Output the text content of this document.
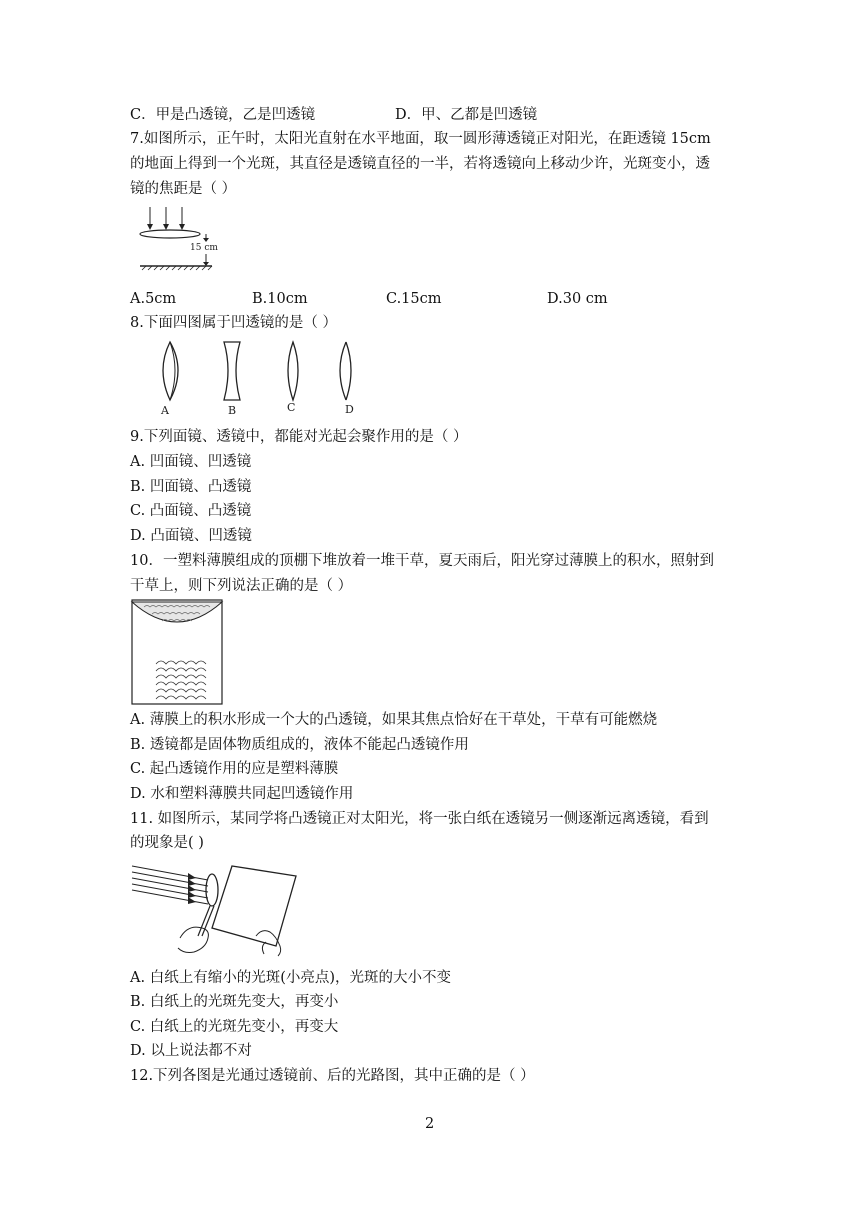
C．甲是凸透镜，乙是凹透镜	D．甲、乙都是凹透镜
7.如图所示，正午时，太阳光直射在水平地面，取一圆形薄透镜正对阳光，在距透镜 15cm
的地面上得到一个光斑，其直径是透镜直径的一半，若将透镜向上移动少许，光斑变小，透
镜的焦距是（ ）
15 cm
A.5cm	B.10cm	C.15cm	D.30 cm
8.下面四图属于凹透镜的是（ ）
A	B	C	D
9.下列面镜、透镜中，都能对光起会聚作用的是（ ）
A. 凹面镜、凹透镜
B. 凹面镜、凸透镜
C. 凸面镜、凸透镜
D. 凸面镜、凹透镜
10．一塑料薄膜组成的顶棚下堆放着一堆干草，夏天雨后，阳光穿过薄膜上的积水，照射到
干草上，则下列说法正确的是（ ）
A. 薄膜上的积水形成一个大的凸透镜，如果其焦点恰好在干草处，干草有可能燃烧
B. 透镜都是固体物质组成的，液体不能起凸透镜作用
C. 起凸透镜作用的应是塑料薄膜
D. 水和塑料薄膜共同起凹透镜作用
11. 如图所示，某同学将凸透镜正对太阳光，将一张白纸在透镜另一侧逐渐远离透镜，看到
的现象是( )
A. 白纸上有缩小的光斑(小亮点)，光斑的大小不变
B. 白纸上的光斑先变大，再变小
C. 白纸上的光斑先变小，再变大
D. 以上说法都不对
12.下列各图是光通过透镜前、后的光路图，其中正确的是（ ）
2
